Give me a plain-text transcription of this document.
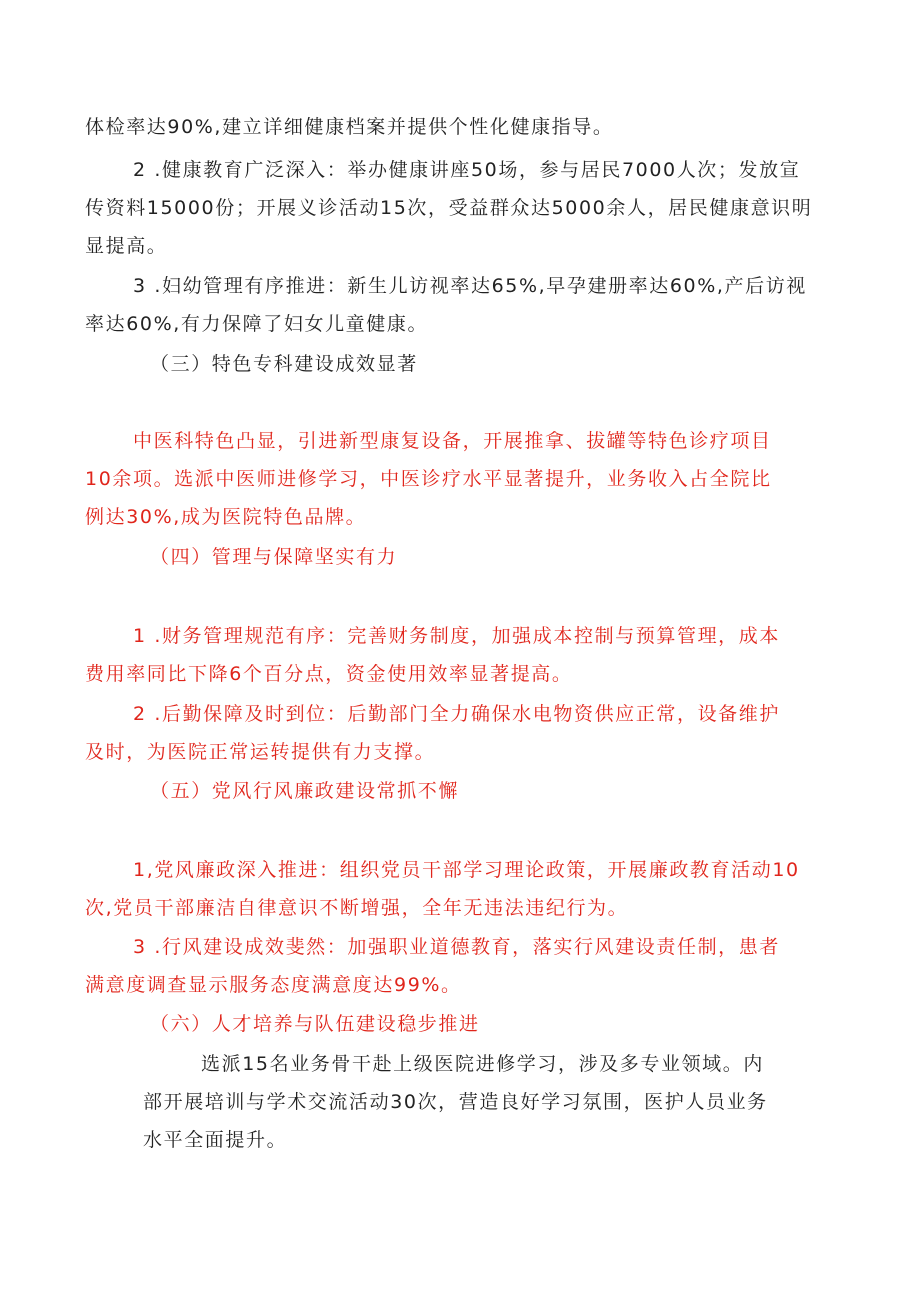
体检率达90%,建立详细健康档案并提供个性化健康指导。

2 .健康教育广泛深入：举办健康讲座50场，参与居民7000人次；发放宣
传资料15000份；开展义诊活动15次，受益群众达5000余人，居民健康意识明
显提高。

3 .妇幼管理有序推进：新生儿访视率达65%,早孕建册率达60%,产后访视
率达60%,有力保障了妇女儿童健康。

（三）特色专科建设成效显著

中医科特色凸显，引进新型康复设备，开展推拿、拔罐等特色诊疗项目
10余项。选派中医师进修学习，中医诊疗水平显著提升，业务收入占全院比
例达30%,成为医院特色品牌。

（四）管理与保障坚实有力

1 .财务管理规范有序：完善财务制度，加强成本控制与预算管理，成本
费用率同比下降6个百分点，资金使用效率显著提高。

2 .后勤保障及时到位：后勤部门全力确保水电物资供应正常，设备维护
及时，为医院正常运转提供有力支撑。

（五）党风行风廉政建设常抓不懈

1,党风廉政深入推进：组织党员干部学习理论政策，开展廉政教育活动10
次,党员干部廉洁自律意识不断增强，全年无违法违纪行为。

3 .行风建设成效斐然：加强职业道德教育，落实行风建设责任制，患者
满意度调查显示服务态度满意度达99%。

（六）人才培养与队伍建设稳步推进

选派15名业务骨干赴上级医院进修学习，涉及多专业领域。内
部开展培训与学术交流活动30次，营造良好学习氛围，医护人员业务
水平全面提升。
